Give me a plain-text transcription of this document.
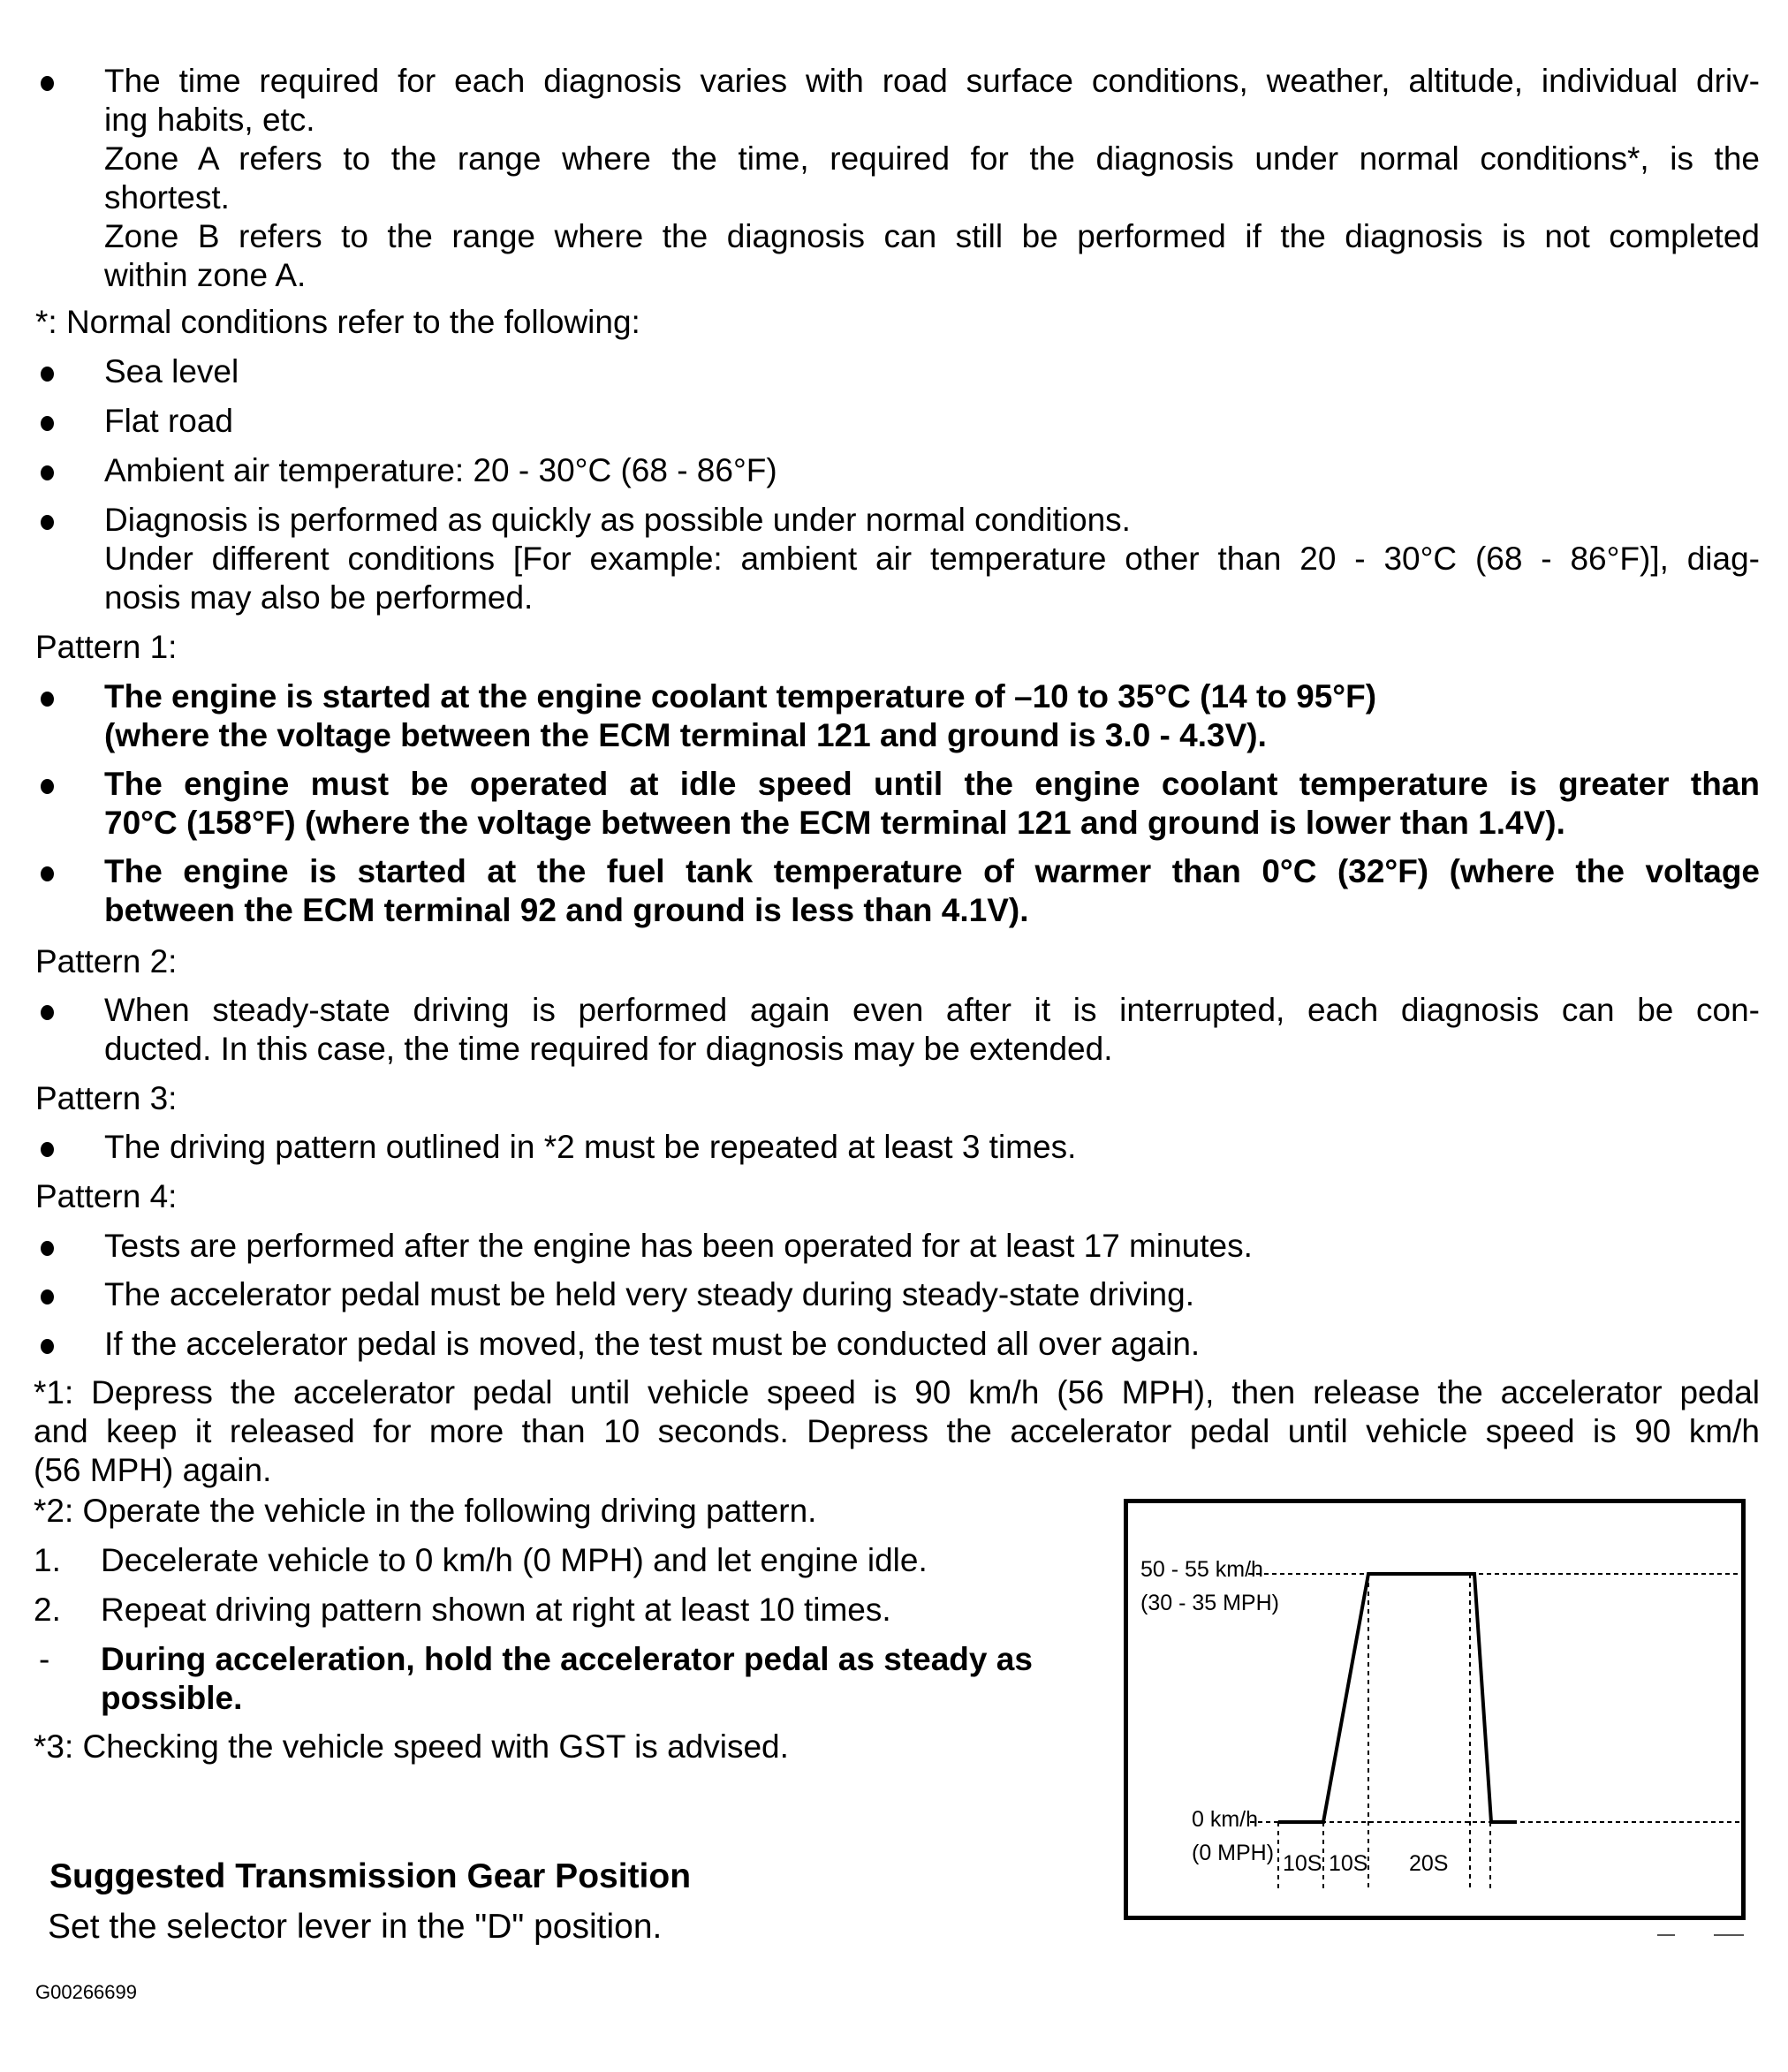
The time required for each diagnosis varies with road surface conditions, weather, altitude, individual driv-
ing habits, etc.
Zone A refers to the range where the time, required for the diagnosis under normal conditions*, is the
shortest.
Zone B refers to the range where the diagnosis can still be performed if the diagnosis is not completed
within zone A.
*: Normal conditions refer to the following:
Sea level
Flat road
Ambient air temperature: 20 - 30°C (68 - 86°F)
Diagnosis is performed as quickly as possible under normal conditions.
Under different conditions [For example: ambient air temperature other than 20 - 30°C (68 - 86°F)], diag-
nosis may also be performed.
Pattern 1:
The engine is started at the engine coolant temperature of –10 to 35°C (14 to 95°F)
(where the voltage between the ECM terminal 121 and ground is 3.0 - 4.3V).
The engine must be operated at idle speed until the engine coolant temperature is greater than
70°C (158°F) (where the voltage between the ECM terminal 121 and ground is lower than 1.4V).
The engine is started at the fuel tank temperature of warmer than 0°C (32°F) (where the voltage
between the ECM terminal 92 and ground is less than 4.1V).
Pattern 2:
When steady-state driving is performed again even after it is interrupted, each diagnosis can be con-
ducted. In this case, the time required for diagnosis may be extended.
Pattern 3:
The driving pattern outlined in *2 must be repeated at least 3 times.
Pattern 4:
Tests are performed after the engine has been operated for at least 17 minutes.
The accelerator pedal must be held very steady during steady-state driving.
If the accelerator pedal is moved, the test must be conducted all over again.
*1: Depress the accelerator pedal until vehicle speed is 90 km/h (56 MPH), then release the accelerator pedal
and keep it released for more than 10 seconds. Depress the accelerator pedal until vehicle speed is 90 km/h
(56 MPH) again.
*2: Operate the vehicle in the following driving pattern.
1. Decelerate vehicle to 0 km/h (0 MPH) and let engine idle.
2. Repeat driving pattern shown at right at least 10 times.
- During acceleration, hold the accelerator pedal as steady as
possible.
*3: Checking the vehicle speed with GST is advised.
Suggested Transmission Gear Position
Set the selector lever in the "D" position.
G00266699
50 - 55 km/h
(30 - 35 MPH)
0 km/h
(0 MPH) 10S 10S 20S
